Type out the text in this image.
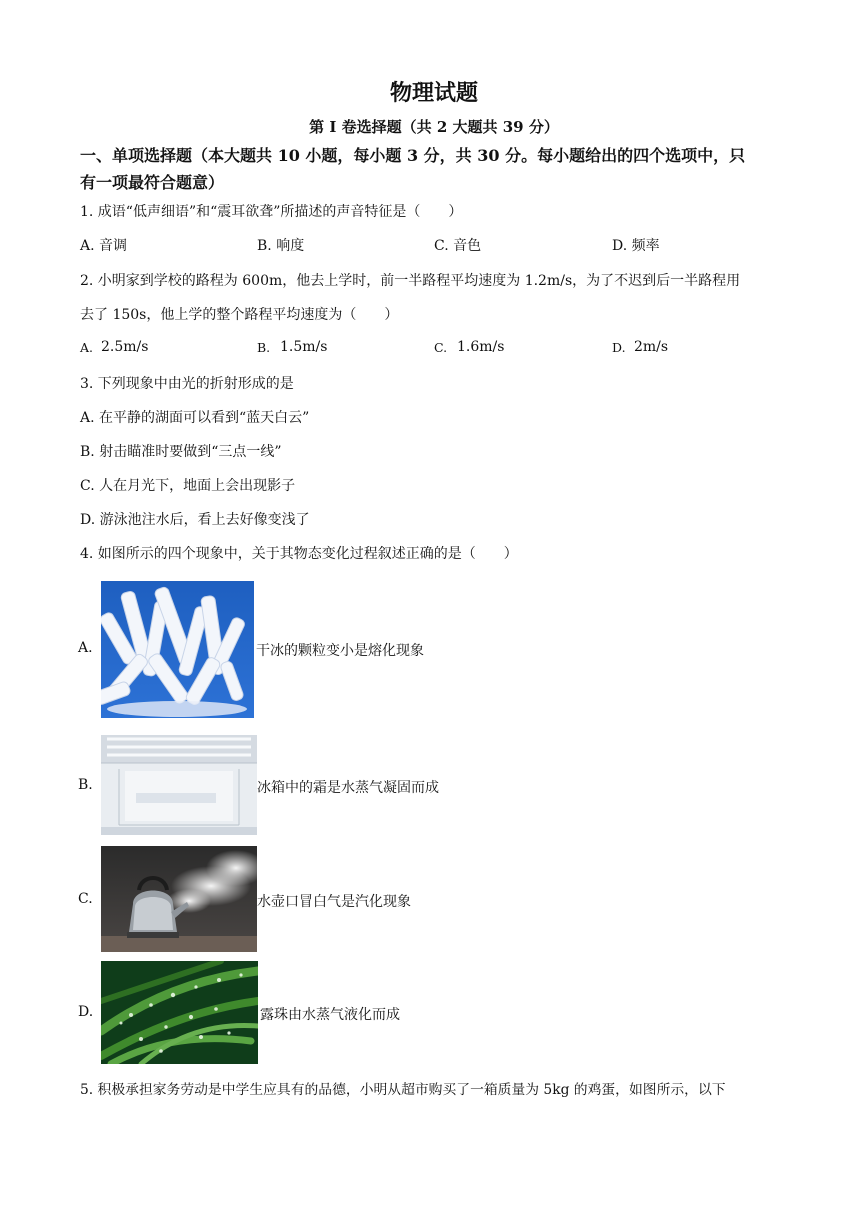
物理试题
第 I 卷选择题（共 2 大题共 39 分）
一、单项选择题（本大题共 10 小题，每小题 3 分，共 30 分。每小题给出的四个选项中，只
有一项最符合题意）
1. 成语“低声细语”和“震耳欲聋”所描述的声音特征是（　　）
A. 音调	B. 响度	C. 音色	D. 频率
2. 小明家到学校的路程为 600m，他去上学时，前一半路程平均速度为 1.2m/s，为了不迟到后一半路程用
去了 150s，他上学的整个路程平均速度为（　　）
A. 2.5m/s	B. 1.5m/s	C. 1.6m/s	D. 2m/s
3. 下列现象中由光的折射形成的是
A. 在平静的湖面可以看到“蓝天白云”
B. 射击瞄准时要做到“三点一线”
C. 人在月光下，地面上会出现影子
D. 游泳池注水后，看上去好像变浅了
4. 如图所示的四个现象中，关于其物态变化过程叙述正确的是（　　）
A.	干冰的颗粒变小是熔化现象
B.	冰箱中的霜是水蒸气凝固而成
C.	水壶口冒白气是汽化现象
D.	露珠由水蒸气液化而成
5. 积极承担家务劳动是中学生应具有的品德，小明从超市购买了一箱质量为 5kg 的鸡蛋，如图所示，以下
